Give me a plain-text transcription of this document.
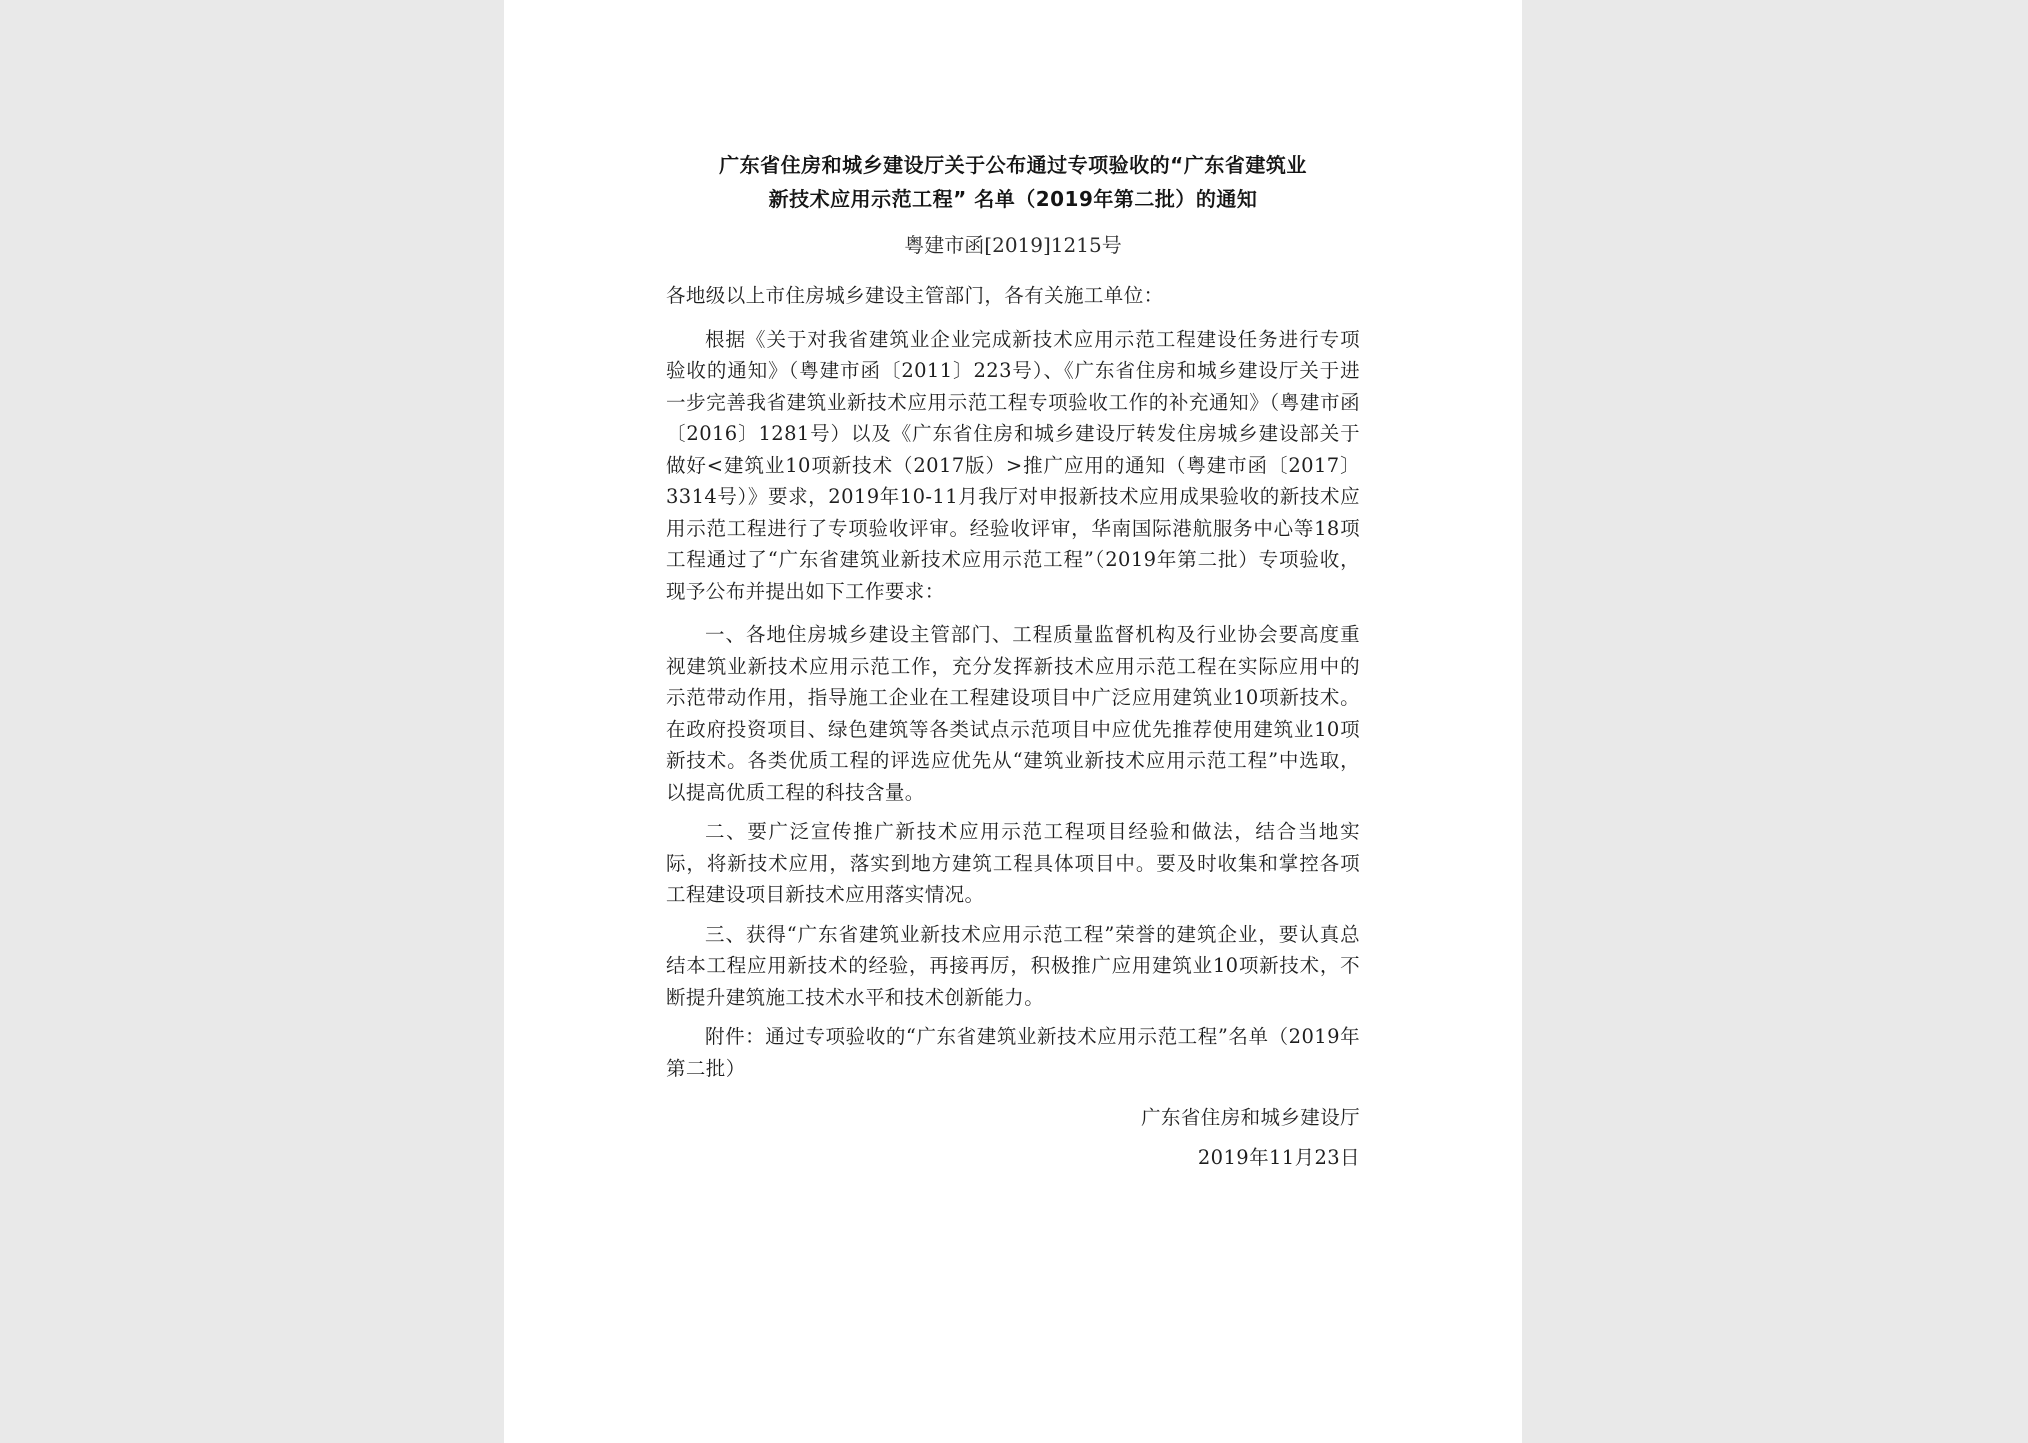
广东省住房和城乡建设厅关于公布通过专项验收的“广东省建筑业
新技术应用示范工程” 名单（2019年第二批）的通知

粤建市函[2019]1215号

各地级以上市住房城乡建设主管部门，各有关施工单位：

根据《关于对我省建筑业企业完成新技术应用示范工程建设任务进行专项验收的通知》（粤建市函〔2011〕223号）、《广东省住房和城乡建设厅关于进一步完善我省建筑业新技术应用示范工程专项验收工作的补充通知》（粤建市函〔2016〕1281号）以及《广东省住房和城乡建设厅转发住房城乡建设部关于做好<建筑业10项新技术（2017版）>推广应用的通知（粤建市函〔2017〕3314号）》要求，2019年10-11月我厅对申报新技术应用成果验收的新技术应用示范工程进行了专项验收评审。经验收评审，华南国际港航服务中心等18项工程通过了“广东省建筑业新技术应用示范工程”（2019年第二批）专项验收，现予公布并提出如下工作要求：

一、各地住房城乡建设主管部门、工程质量监督机构及行业协会要高度重视建筑业新技术应用示范工作，充分发挥新技术应用示范工程在实际应用中的示范带动作用，指导施工企业在工程建设项目中广泛应用建筑业10项新技术。在政府投资项目、绿色建筑等各类试点示范项目中应优先推荐使用建筑业10项新技术。各类优质工程的评选应优先从“建筑业新技术应用示范工程”中选取，以提高优质工程的科技含量。

二、要广泛宣传推广新技术应用示范工程项目经验和做法，结合当地实际，将新技术应用，落实到地方建筑工程具体项目中。要及时收集和掌控各项工程建设项目新技术应用落实情况。

三、获得“广东省建筑业新技术应用示范工程”荣誉的建筑企业，要认真总结本工程应用新技术的经验，再接再厉，积极推广应用建筑业10项新技术，不断提升建筑施工技术水平和技术创新能力。

附件：通过专项验收的“广东省建筑业新技术应用示范工程”名单（2019年第二批）

广东省住房和城乡建设厅
2019年11月23日
